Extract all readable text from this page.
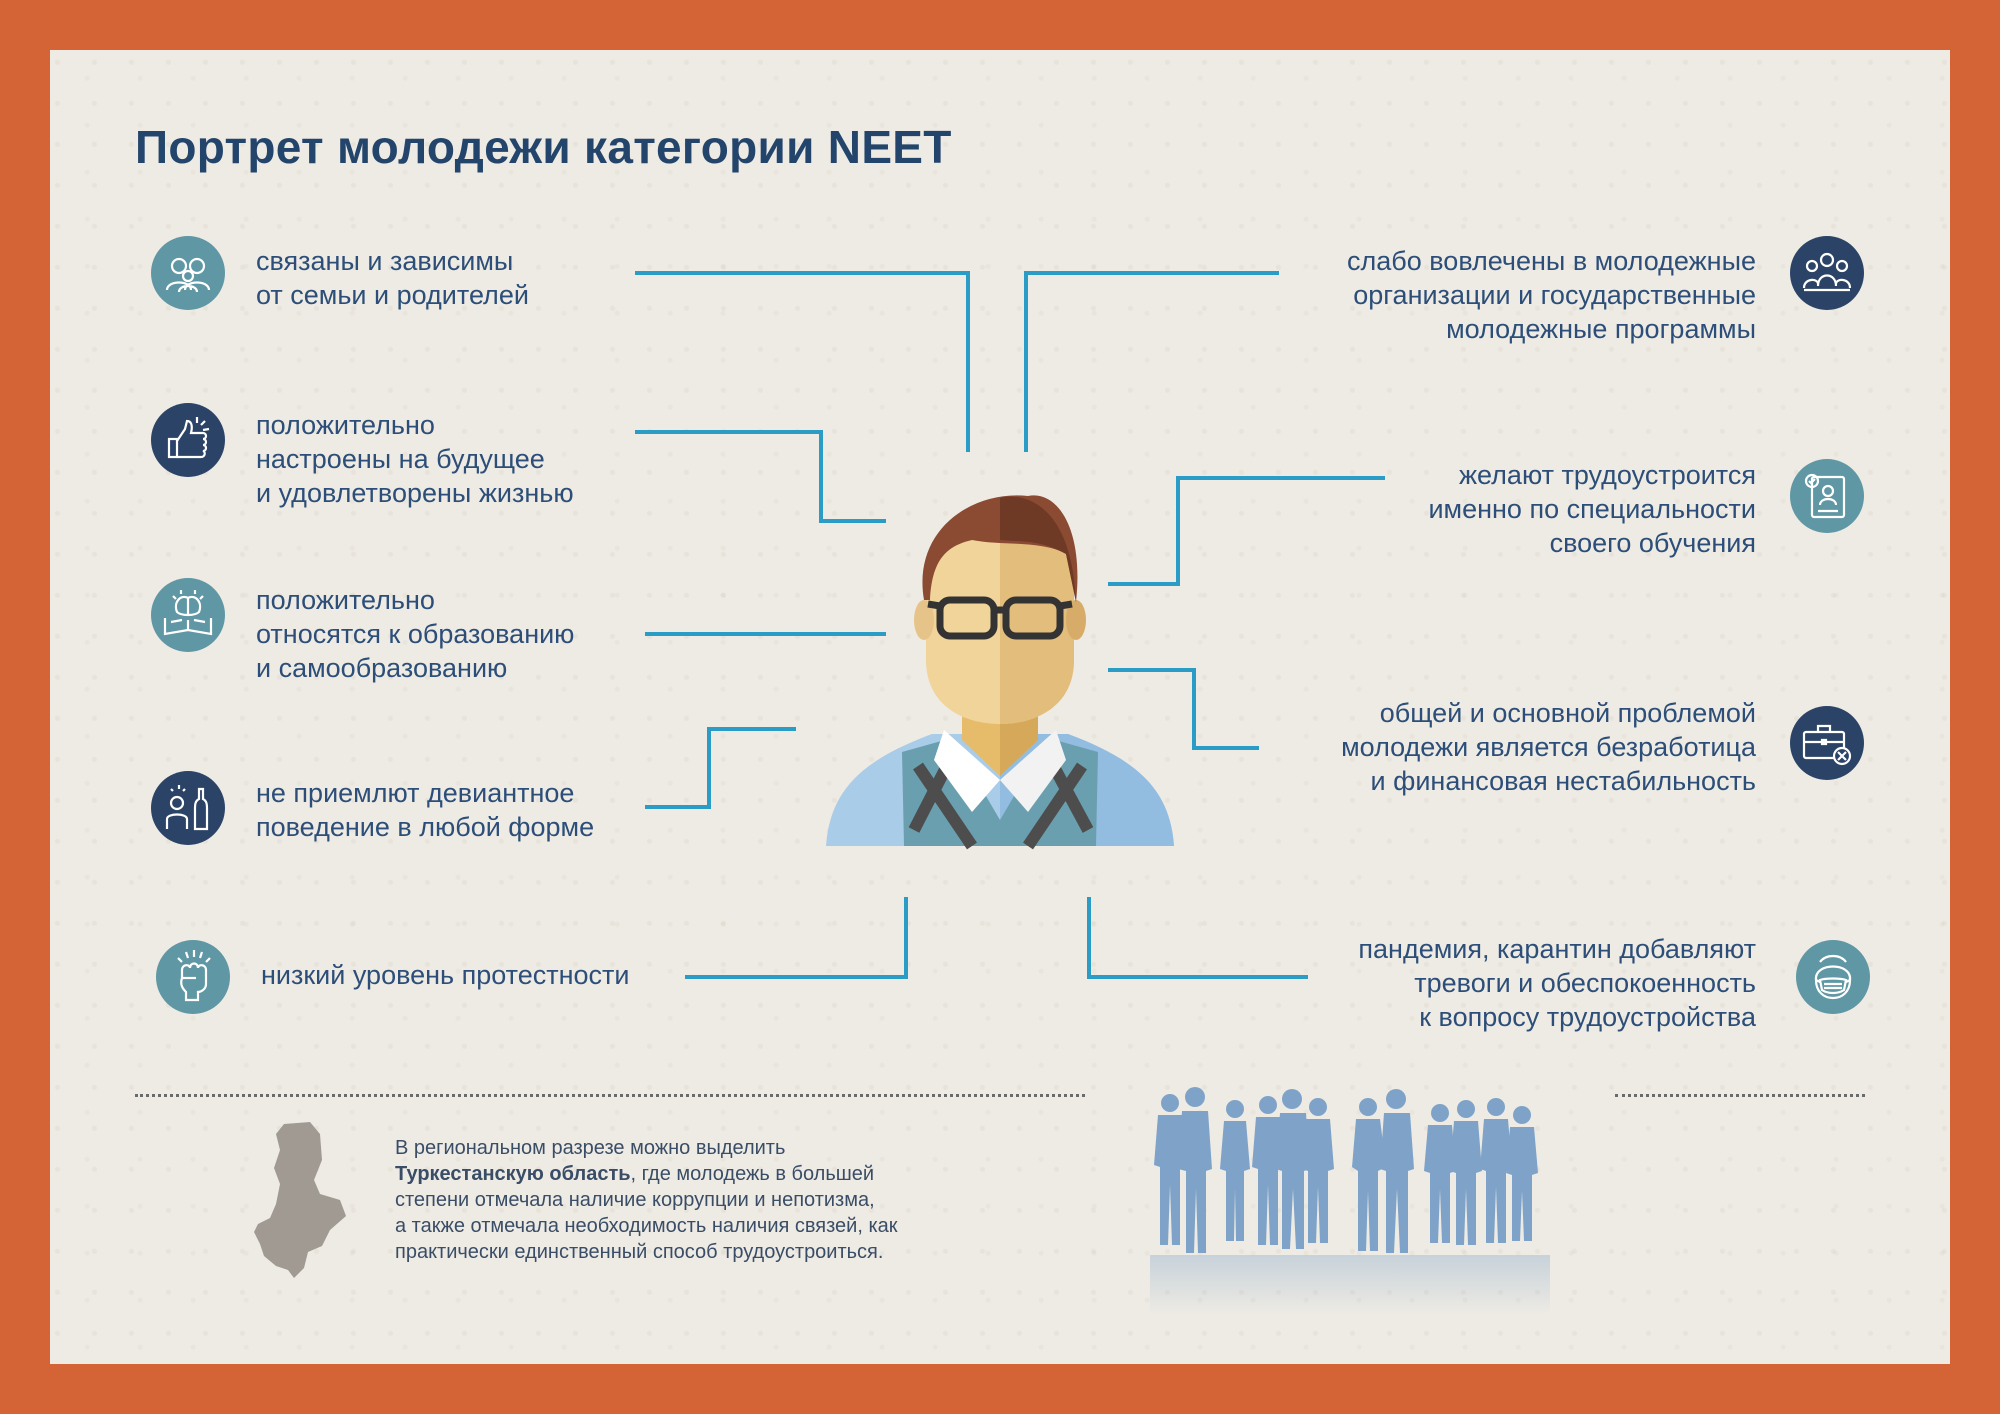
Портрет молодежи категории NEET
связаны и зависимы
от семьи и родителей
положительно
настроены на будущее
и удовлетворены жизнью
положительно
относятся к образованию
и самообразованию
не приемлют девиантное
поведение в любой форме
низкий уровень протестности
слабо вовлечены в молодежные
организации и государственные
молодежные программы
желают трудоустроится
именно по специальности
своего обучения
общей и основной проблемой
молодежи является безработица
и финансовая нестабильность
пандемия, карантин добавляют
тревоги и обеспокоенность
к вопросу трудоустройства
В региональном разрезе можно выделить
Туркестанскую область, где молодежь в большей
степени отмечала наличие коррупции и непотизма,
а также отмечала необходимость наличия связей, как
практически единственный способ трудоустроиться.
